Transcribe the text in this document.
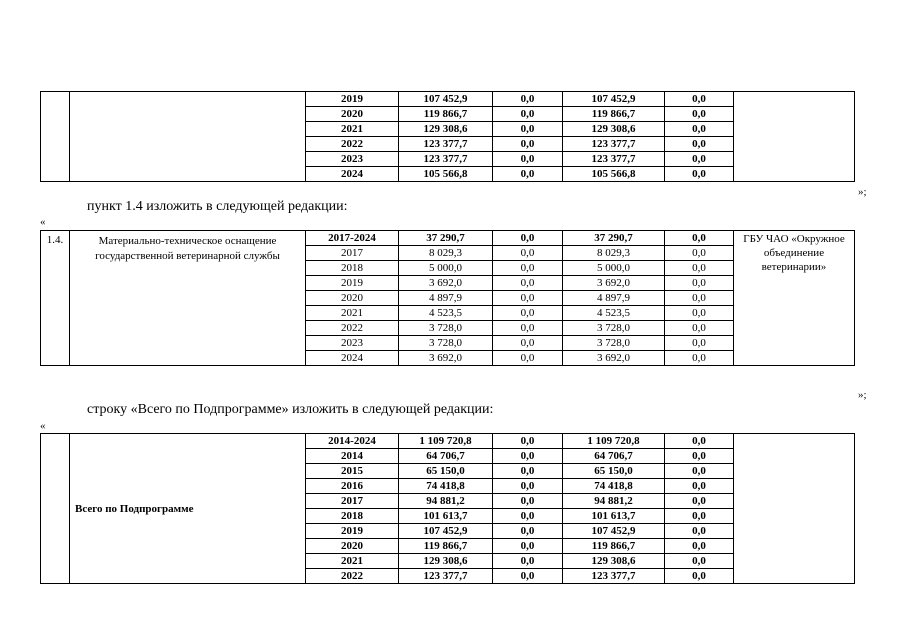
		2019	107 452,9	0,0	107 452,9	0,0	
		2020	119 866,7	0,0	119 866,7	0,0	
		2021	129 308,6	0,0	129 308,6	0,0	
		2022	123 377,7	0,0	123 377,7	0,0	
		2023	123 377,7	0,0	123 377,7	0,0	
		2024	105 566,8	0,0	105 566,8	0,0	
»;
пункт 1.4 изложить в следующей редакции:
«
1.4.	Материально-техническое оснащение государственной ветеринарной службы	2017-2024	37 290,7	0,0	37 290,7	0,0	ГБУ ЧАО «Окружное объединение ветеринарии»
		2017	8 029,3	0,0	8 029,3	0,0	
		2018	5 000,0	0,0	5 000,0	0,0	
		2019	3 692,0	0,0	3 692,0	0,0	
		2020	4 897,9	0,0	4 897,9	0,0	
		2021	4 523,5	0,0	4 523,5	0,0	
		2022	3 728,0	0,0	3 728,0	0,0	
		2023	3 728,0	0,0	3 728,0	0,0	
		2024	3 692,0	0,0	3 692,0	0,0	
»;
строку «Всего по Подпрограмме» изложить в следующей редакции:
«
	Всего по Подпрограмме	2014-2024	1 109 720,8	0,0	1 109 720,8	0,0	
		2014	64 706,7	0,0	64 706,7	0,0	
		2015	65 150,0	0,0	65 150,0	0,0	
		2016	74 418,8	0,0	74 418,8	0,0	
		2017	94 881,2	0,0	94 881,2	0,0	
		2018	101 613,7	0,0	101 613,7	0,0	
		2019	107 452,9	0,0	107 452,9	0,0	
		2020	119 866,7	0,0	119 866,7	0,0	
		2021	129 308,6	0,0	129 308,6	0,0	
		2022	123 377,7	0,0	123 377,7	0,0	
